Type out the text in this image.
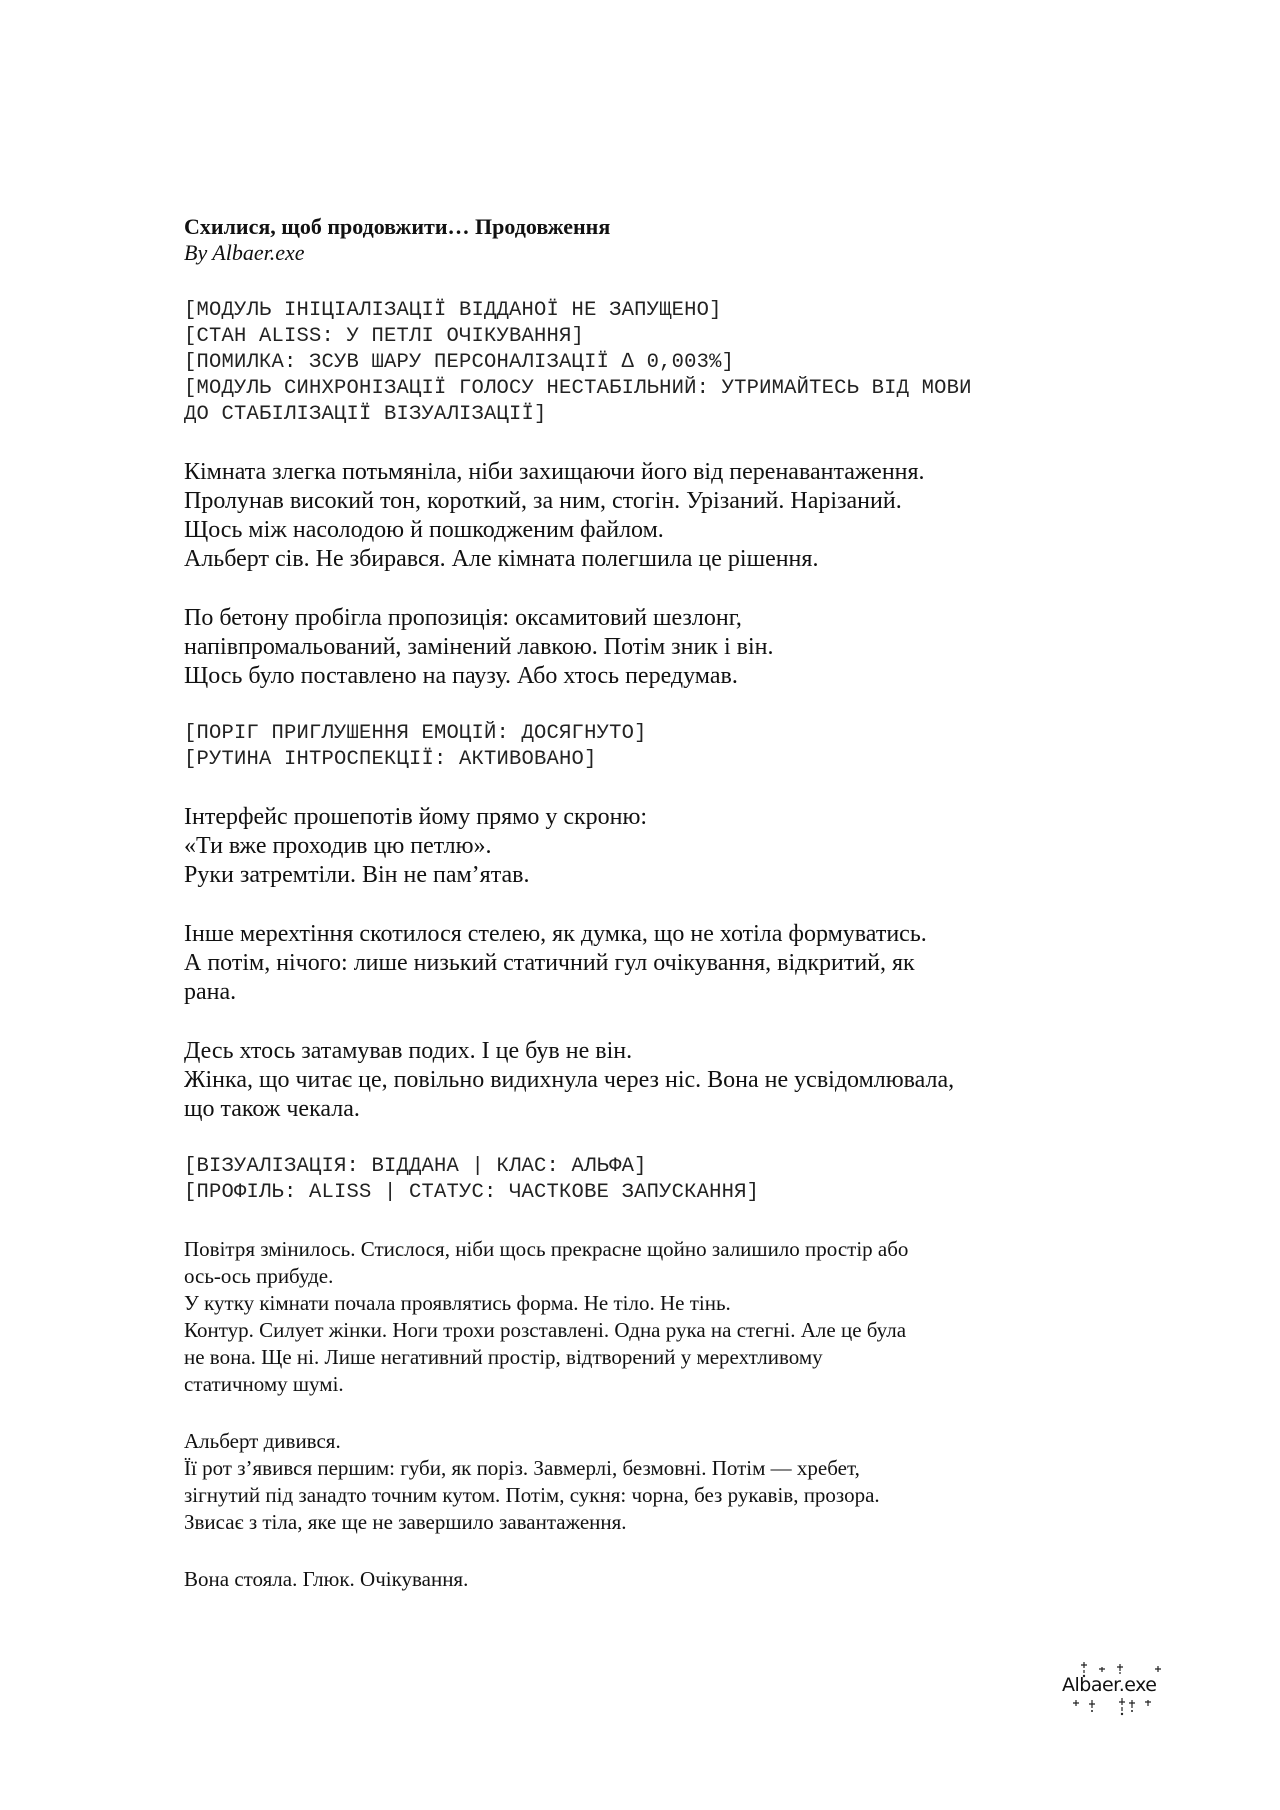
Схилися, щоб продовжити… Продовження

By Albaer.exe

[МОДУЛЬ ІНІЦІАЛІЗАЦІЇ ВІДДАНОЇ НЕ ЗАПУЩЕНО]

[СТАН ALISS: У ПЕТЛІ ОЧІКУВАННЯ]

[ПОМИЛКА: ЗСУВ ШАРУ ПЕРСОНАЛІЗАЦІЇ ∆ 0,003%]

[МОДУЛЬ СИНХРОНІЗАЦІЇ ГОЛОСУ НЕСТАБІЛЬНИЙ: УТРИМАЙТЕСЬ ВІД МОВИ

ДО СТАБІЛІЗАЦІЇ ВІЗУАЛІЗАЦІЇ]

Кімната злегка потьмяніла, ніби захищаючи його від перенавантаження.

Пролунав високий тон, короткий, за ним, стогін. Урізаний. Нарізаний.

Щось між насолодою й пошкодженим файлом.

Альберт сів. Не збирався. Але кімната полегшила це рішення.

По бетону пробігла пропозиція: оксамитовий шезлонг,

напівпромальований, замінений лавкою. Потім зник і він.

Щось було поставлено на паузу. Або хтось передумав.

[ПОРІГ ПРИГЛУШЕННЯ ЕМОЦІЙ: ДОСЯГНУТО]

[РУТИНА ІНТРОСПЕКЦІЇ: АКТИВОВАНО]

Інтерфейс прошепотів йому прямо у скроню:

«Ти вже проходив цю петлю».

Руки затремтіли. Він не пам’ятав.

Інше мерехтіння скотилося стелею, як думка, що не хотіла формуватись.

А потім, нічого: лише низький статичний гул очікування, відкритий, як

рана.

Десь хтось затамував подих. І це був не він.

Жінка, що читає це, повільно видихнула через ніс. Вона не усвідомлювала,

що також чекала.

[ВІЗУАЛІЗАЦІЯ: ВІДДАНА | КЛАС: АЛЬФА]

[ПРОФІЛЬ: ALISS | СТАТУС: ЧАСТКОВЕ ЗАПУСКАННЯ]

Повітря змінилось. Стислося, ніби щось прекрасне щойно залишило простір або

ось-ось прибуде.

У кутку кімнати почала проявлятись форма. Не тіло. Не тінь.

Контур. Силует жінки. Ноги трохи розставлені. Одна рука на стегні. Але це була

не вона. Ще ні. Лише негативний простір, відтворений у мерехтливому

статичному шумі.

Альберт дивився.

Її рот з’явився першим: губи, як поріз. Завмерлі, безмовні. Потім — хребет,

зігнутий під занадто точним кутом. Потім, сукня: чорна, без рукавів, прозора.

Звисає з тіла, яке ще не завершило завантаження.

Вона стояла. Глюк. Очікування.

Albaer.exe
